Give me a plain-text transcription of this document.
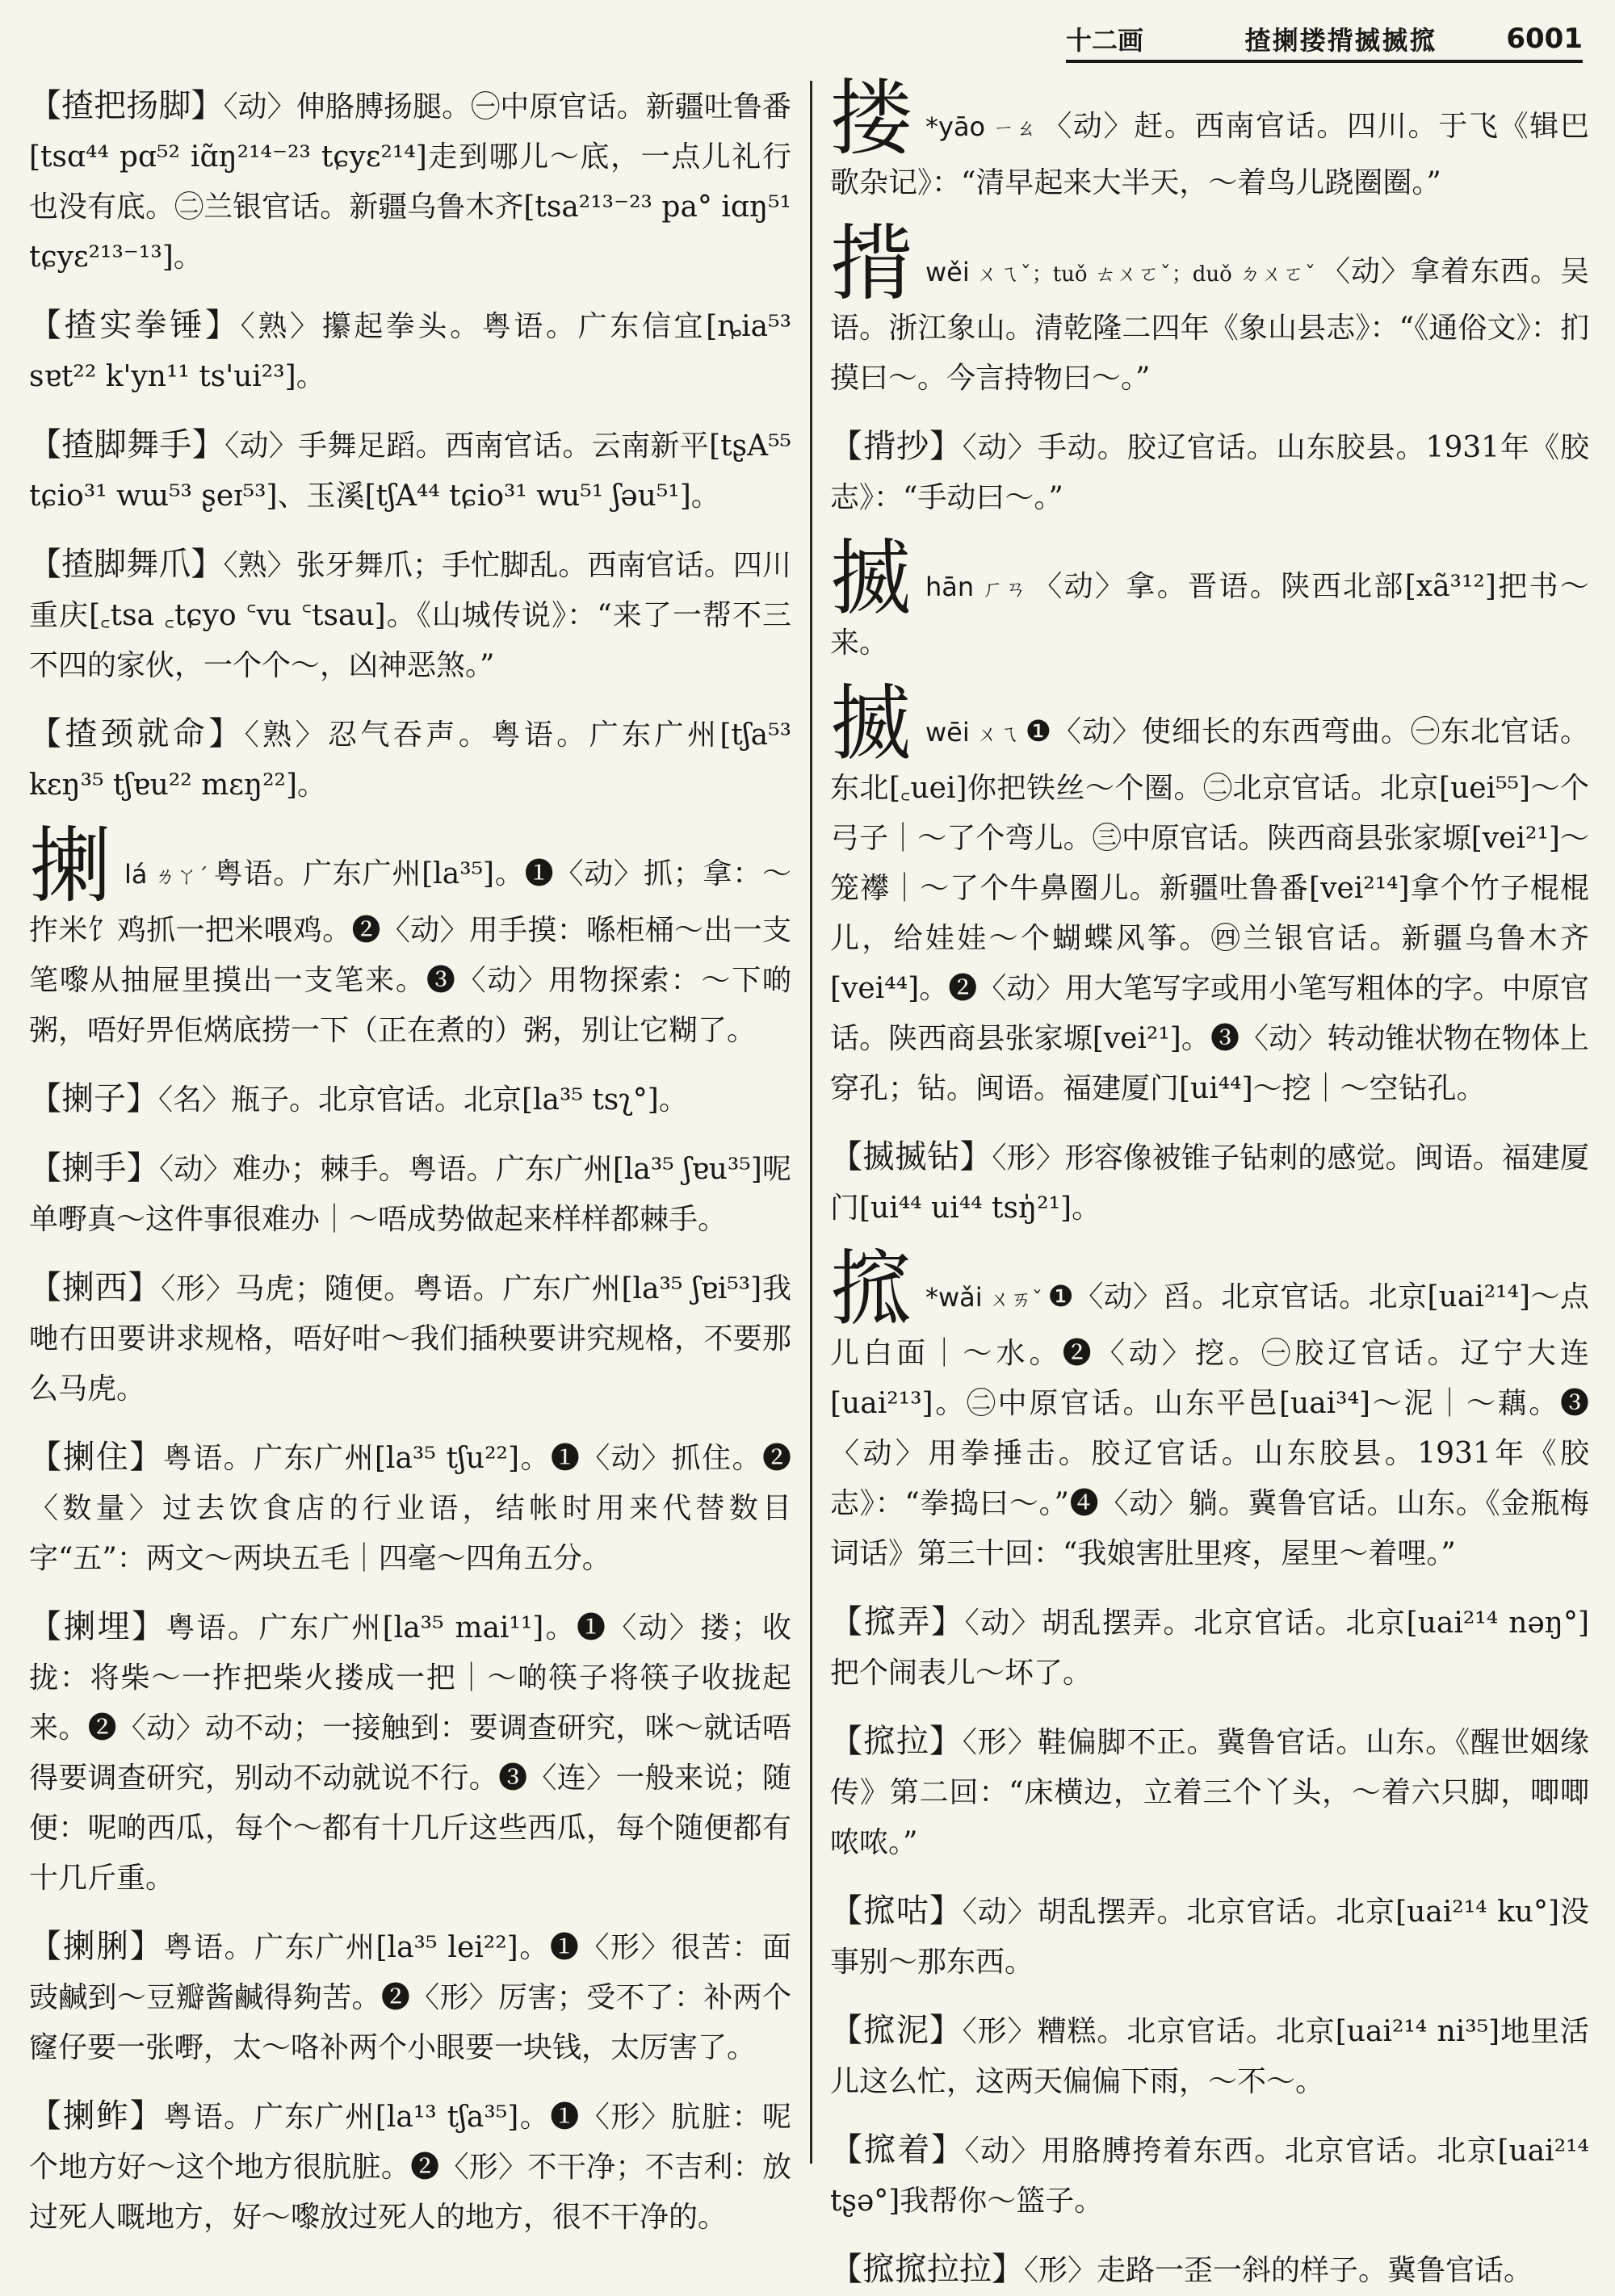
十二画	揸揦搂揹揻揻搲	6001
【揸把扬脚】〈动〉伸胳膊扬腿。㊀中原官话。新疆吐鲁番[tsɑ⁴⁴ pɑ⁵² iɑ̃ŋ²¹⁴⁻²³ tɕyɛ²¹⁴]走到哪儿～底，一点儿礼行也没有底。㊁兰银官话。新疆乌鲁木齐[tsa²¹³⁻²³ pa° iɑŋ⁵¹ tɕyɛ²¹³⁻¹³]。
【揸实拳锤】〈熟〉攥起拳头。粤语。广东信宜[ȵia⁵³ sɐt²² k'yn¹¹ ts'ui²³]。
【揸脚舞手】〈动〉手舞足蹈。西南官话。云南新平[tʂA⁵⁵ tɕio³¹ wɯ⁵³ ʂeɪ⁵³]、玉溪[tʃA⁴⁴ tɕio³¹ wu⁵¹ ʃəu⁵¹]。
【揸脚舞爪】〈熟〉张牙舞爪；手忙脚乱。西南官话。四川重庆[꜀tsa ꜀tɕyo ꜂vu ꜂tsau]。《山城传说》：“来了一帮不三不四的家伙，一个个～，凶神恶煞。”
【揸颈就命】〈熟〉忍气吞声。粤语。广东广州[tʃa⁵³ kɛŋ³⁵ tʃɐu²² mɛŋ²²]。
揦lá ㄌㄚˊ 粤语。广东广州[la³⁵]。❶〈动〉抓；拿：～拃米饣鸡抓一把米喂鸡。❷〈动〉用手摸：喺柜桶～出一支笔嚟从抽屉里摸出一支笔来。❸〈动〉用物探索：～下啲粥，唔好畀佢焫底捞一下（正在煮的）粥，别让它糊了。
【揦子】〈名〉瓶子。北京官话。北京[la³⁵ tsʅ°]。
【揦手】〈动〉难办；棘手。粤语。广东广州[la³⁵ ʃɐu³⁵]呢单嘢真～这件事很难办｜～唔成势做起来样样都棘手。
【揦西】〈形〉马虎；随便。粤语。广东广州[la³⁵ ʃɐi⁵³]我哋冇田要讲求规格，唔好咁～我们插秧要讲究规格，不要那么马虎。
【揦住】粤语。广东广州[la³⁵ tʃu²²]。❶〈动〉抓住。❷〈数量〉过去饮食店的行业语，结帐时用来代替数目字“五”：两文～两块五毛｜四毫～四角五分。
【揦埋】粤语。广东广州[la³⁵ mai¹¹]。❶〈动〉搂；收拢：将柴～一拃把柴火搂成一把｜～啲筷子将筷子收拢起来。❷〈动〉动不动；一接触到：要调查研究，咪～就话唔得要调查研究，别动不动就说不行。❸〈连〉一般来说；随便：呢啲西瓜，每个～都有十几斤这些西瓜，每个随便都有十几斤重。
【揦脷】粤语。广东广州[la³⁵ lei²²]。❶〈形〉很苦：面豉鹹到～豆瓣酱鹹得夠苦。❷〈形〉厉害；受不了：补两个窿仔要一张嘢，太～咯补两个小眼要一块钱，太厉害了。
【揦鲊】粤语。广东广州[la¹³ tʃa³⁵]。❶〈形〉肮脏：呢个地方好～这个地方很肮脏。❷〈形〉不干净；不吉利：放过死人嘅地方，好～嚟放过死人的地方，很不干净的。
搂 *yāo ㄧㄠ 〈动〉赶。西南官话。四川。于飞《辑巴歌杂记》：“清早起来大半天，～着鸟儿跷圈圈。”
揹wěi ㄨㄟˇ；tuǒ ㄊㄨㄛˇ；duǒ ㄉㄨㄛˇ 〈动〉拿着东西。吴语。浙江象山。清乾隆二四年《象山县志》：“《通俗文》：扪摸曰～。今言持物曰～。”
【揹抄】〈动〉手动。胶辽官话。山东胶县。1931年《胶志》：“手动曰～。”
揻hān ㄏㄢ 〈动〉拿。晋语。陕西北部[xã³¹²]把书～来。
揻wēi ㄨㄟ ❶〈动〉使细长的东西弯曲。㊀东北官话。东北[꜀uei]你把铁丝～个圈。㊁北京官话。北京[uei⁵⁵]～个弓子｜～了个弯儿。㊂中原官话。陕西商县张家塬[vei²¹]～笼襻｜～了个牛鼻圈儿。新疆吐鲁番[vei²¹⁴]拿个竹子棍棍儿，给娃娃～个蝴蝶风筝。㊃兰银官话。新疆乌鲁木齐[vei⁴⁴]。❷〈动〉用大笔写字或用小笔写粗体的字。中原官话。陕西商县张家塬[vei²¹]。❸〈动〉转动锥状物在物体上穿孔；钻。闽语。福建厦门[ui⁴⁴]～挖｜～空钻孔。
【揻揻钻】〈形〉形容像被锥子钻刺的感觉。闽语。福建厦门[ui⁴⁴ ui⁴⁴ tsŋ̍²¹]。
搲 *wǎi ㄨㄞˇ ❶〈动〉舀。北京官话。北京[uai²¹⁴]～点儿白面｜～水。❷〈动〉挖。㊀胶辽官话。辽宁大连[uai²¹³]。㊁中原官话。山东平邑[uai³⁴]～泥｜～藕。❸〈动〉用拳捶击。胶辽官话。山东胶县。1931年《胶志》：“拳捣曰～。”❹〈动〉躺。冀鲁官话。山东。《金瓶梅词话》第三十回：“我娘害肚里疼，屋里～着哩。”
【搲弄】〈动〉胡乱摆弄。北京官话。北京[uai²¹⁴ nəŋ°]把个闹表儿～坏了。
【搲拉】〈形〉鞋偏脚不正。冀鲁官话。山东。《醒世姻缘传》第二回：“床横边，立着三个丫头，～着六只脚，唧唧哝哝。”
【搲咕】〈动〉胡乱摆弄。北京官话。北京[uai²¹⁴ ku°]没事别～那东西。
【搲泥】〈形〉糟糕。北京官话。北京[uai²¹⁴ ni³⁵]地里活儿这么忙，这两天偏偏下雨，～不～。
【搲着】〈动〉用胳膊挎着东西。北京官话。北京[uai²¹⁴ tʂə°]我帮你～篮子。
【搲搲拉拉】〈形〉走路一歪一斜的样子。冀鲁官话。
